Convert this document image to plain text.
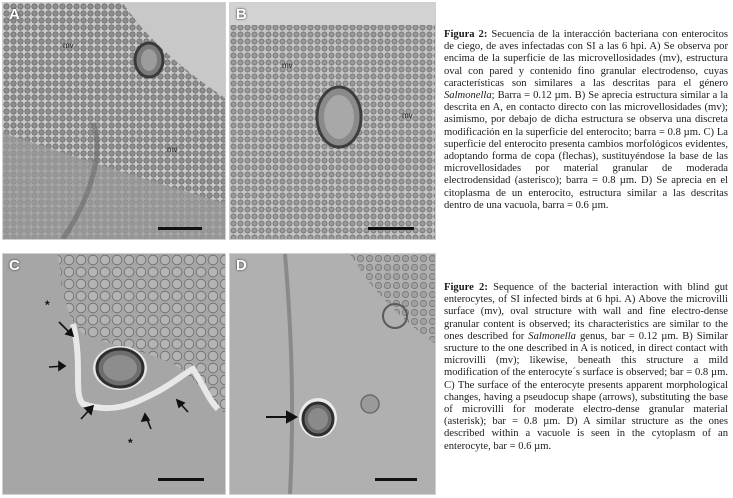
A
mv
mv
B
mv
mv
C
*
*
D

Figura 2: Secuencia de la interacción bacteriana con enterocitos de ciego, de aves infectadas con SI a las 6 hpi. A) Se observa por encima de la superficie de las microvellosidades (mv), estructura oval con pared y contenido fino granular electrodenso, cuyas características son similares a las descritas para el género Salmonella; Barra = 0.12 µm. B) Se aprecia estructura similar a la descrita en A, en contacto directo con las microvellosidades (mv); asimismo, por debajo de dicha estructura se observa una discreta modificación en la superficie del enterocito; barra = 0.8 µm. C) La superficie del enterocito presenta cambios morfológicos evidentes, adoptando forma de copa (flechas), sustituyéndose la base de las microvellosidades por material granular de moderada electrodensidad (asterisco); barra = 0.8 µm. D) Se aprecia en el citoplasma de un enterocito, estructura similar a las descritas dentro de una vacuola, barra = 0.6 µm.

Figure 2: Sequence of the bacterial interaction with blind gut enterocytes, of SI infected birds at 6 hpi. A) Above the microvilli surface (mv), oval structure with wall and fine electro-dense granular content is observed; its characteristics are similar to the ones described for Salmonella genus, bar = 0.12 µm. B) Similar sructure to the one described in A is noticed, in direct contact with microvilli (mv); likewise, beneath this structure a mild modification of the enterocyte´s surface is observed; bar = 0.8 µm. C) The surface of the enterocyte presents apparent morphological changes, having a pseudocup shape (arrows), substituting the base of microvilli for moderate electro-dense granular material (asterisk); bar = 0.8 µm. D) A similar structure as the ones described within a vacuole is seen in the cytoplasm of an enterocyte, bar = 0.6 µm.
